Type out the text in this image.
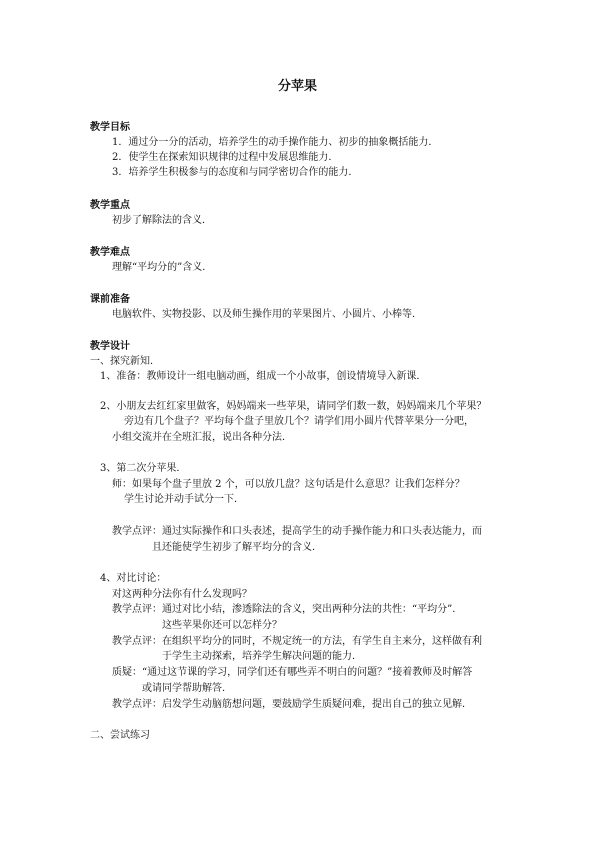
分苹果
教学目标
1．通过分一分的活动，培养学生的动手操作能力、初步的抽象概括能力．
2．使学生在探索知识规律的过程中发展思维能力．
3．培养学生积极参与的态度和与同学密切合作的能力．
教学重点
初步了解除法的含义．
教学难点
理解“平均分的”含义．
课前准备
电脑软件、实物投影、以及师生操作用的苹果图片、小圆片、小棒等．
教学设计
一、探究新知．
1、准备：教师设计一组电脑动画，组成一个小故事，创设情境导入新课．
2、小朋友去红红家里做客，妈妈端来一些苹果，请同学们数一数，妈妈端来几个苹果？
旁边有几个盘子？平均每个盘子里放几个？请学们用小圆片代替苹果分一分吧，
小组交流并在全班汇报，说出各种分法．
3、第二次分苹果．
师：如果每个盘子里放 2 个，可以放几盘？这句话是什么意思？让我们怎样分？
学生讨论并动手试分一下．
教学点评：通过实际操作和口头表述，提高学生的动手操作能力和口头表达能力，而
且还能使学生初步了解平均分的含义．
4、对比讨论：
对这两种分法你有什么发现吗？
教学点评：通过对比小结，渗透除法的含义，突出两种分法的共性：“平均分”．
这些苹果你还可以怎样分？
教学点评：在组织平均分的同时，不规定统一的方法，有学生自主来分，这样做有利
于学生主动探索，培养学生解决问题的能力．
质疑：“通过这节课的学习，同学们还有哪些弄不明白的问题？”接着教师及时解答
或请同学帮助解答．
教学点评：启发学生动脑筋想问题，要鼓励学生质疑问难，提出自己的独立见解．
二、尝试练习
